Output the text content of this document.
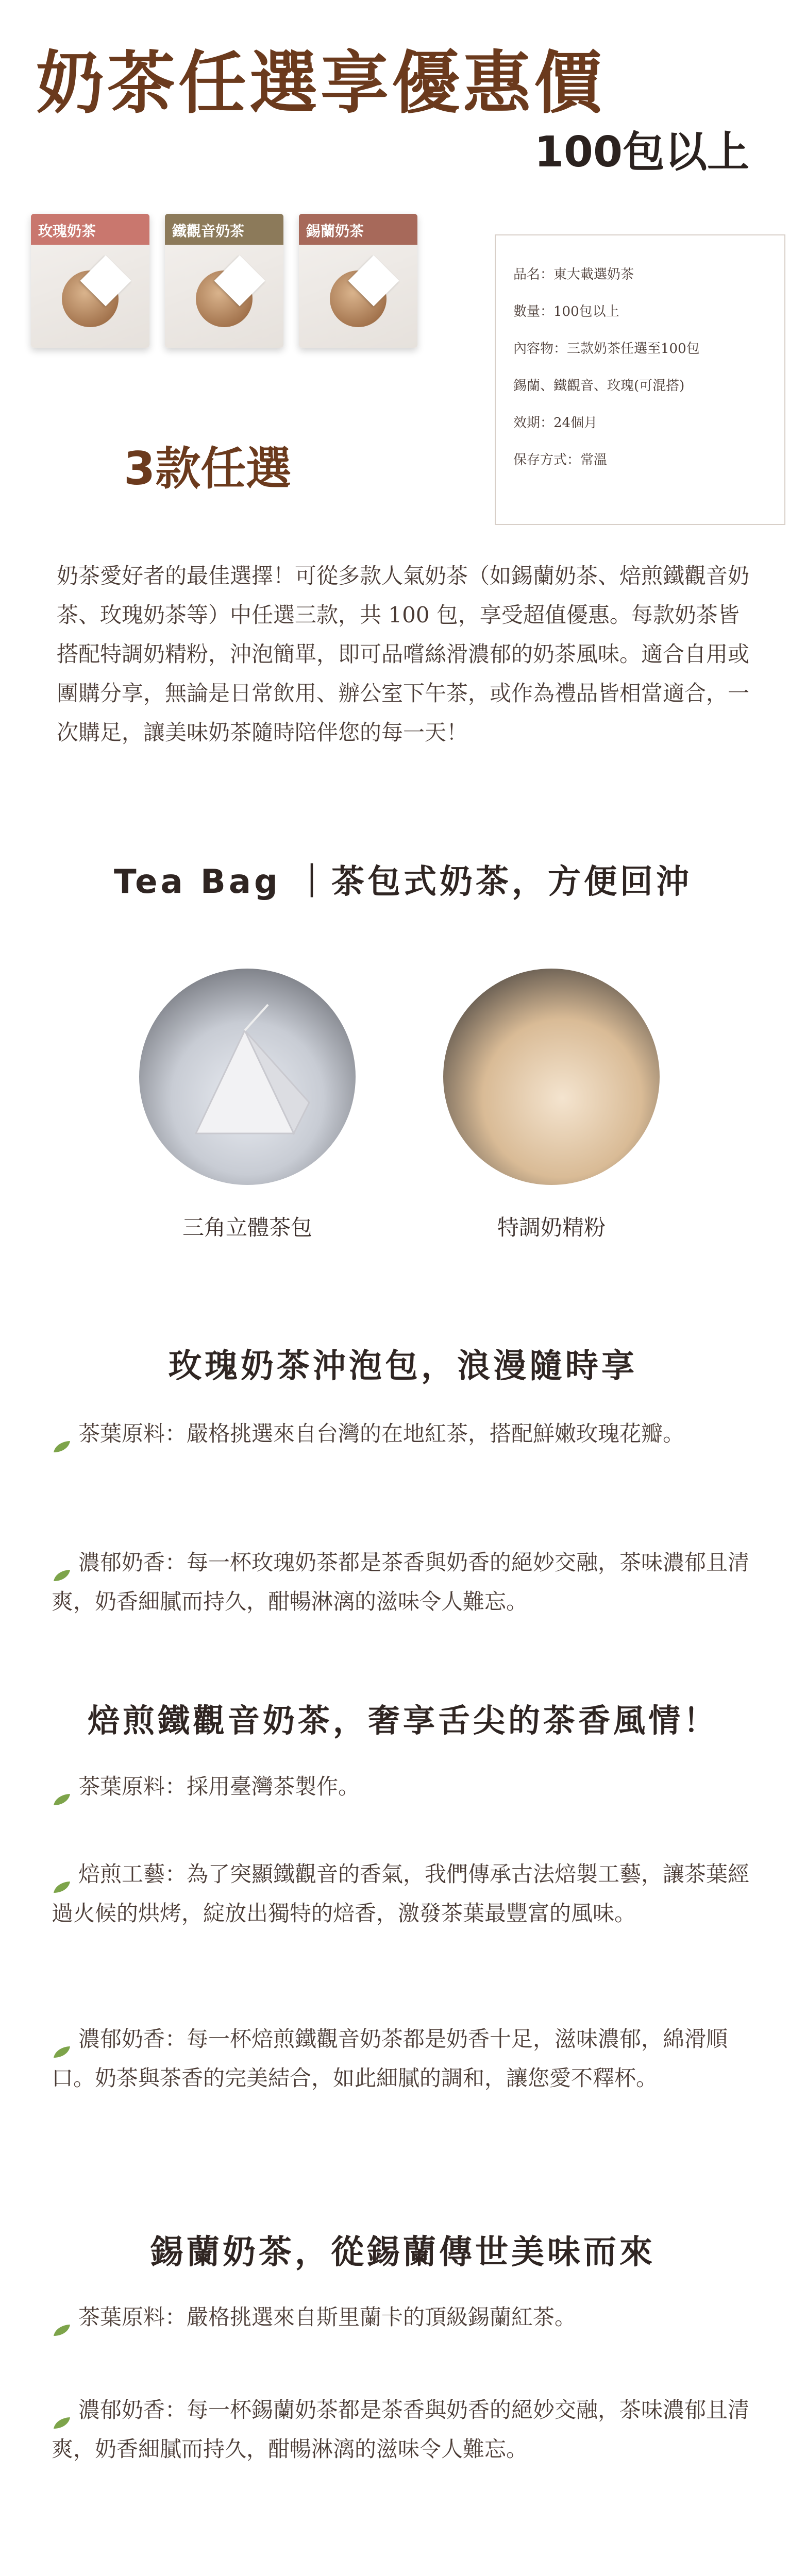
奶茶任選享優惠價
100包以上
玫瑰奶茶	鐵觀音奶茶	錫蘭奶茶
3款任選
品名：東大載選奶茶
數量：100包以上
內容物：三款奶茶任選至100包
錫蘭、鐵觀音、玫瑰(可混搭)
效期：24個月
保存方式：常溫
奶茶愛好者的最佳選擇！可從多款人氣奶茶（如錫蘭奶茶、焙煎鐵觀音奶茶、玫瑰奶茶等）中任選三款，共 100 包，享受超值優惠。每款奶茶皆搭配特調奶精粉，沖泡簡單，即可品嚐絲滑濃郁的奶茶風味。適合自用或團購分享，無論是日常飲用、辦公室下午茶，或作為禮品皆相當適合，一次購足，讓美味奶茶隨時陪伴您的每一天！
Tea Bag ｜茶包式奶茶，方便回沖
三角立體茶包	特調奶精粉
玫瑰奶茶沖泡包，浪漫隨時享
茶葉原料：嚴格挑選來自台灣的在地紅茶，搭配鮮嫩玫瑰花瓣。
濃郁奶香：每一杯玫瑰奶茶都是茶香與奶香的絕妙交融，茶味濃郁且清爽，奶香細膩而持久，酣暢淋漓的滋味令人難忘。
焙煎鐵觀音奶茶，奢享舌尖的茶香風情！
茶葉原料：採用臺灣茶製作。
焙煎工藝：為了突顯鐵觀音的香氣，我們傳承古法焙製工藝，讓茶葉經過火候的烘烤，綻放出獨特的焙香，激發茶葉最豐富的風味。
濃郁奶香：每一杯焙煎鐵觀音奶茶都是奶香十足，滋味濃郁，綿滑順口。奶茶與茶香的完美結合，如此細膩的調和，讓您愛不釋杯。
錫蘭奶茶，從錫蘭傳世美味而來
茶葉原料：嚴格挑選來自斯里蘭卡的頂級錫蘭紅茶。
濃郁奶香：每一杯錫蘭奶茶都是茶香與奶香的絕妙交融，茶味濃郁且清爽，奶香細膩而持久，酣暢淋漓的滋味令人難忘。
